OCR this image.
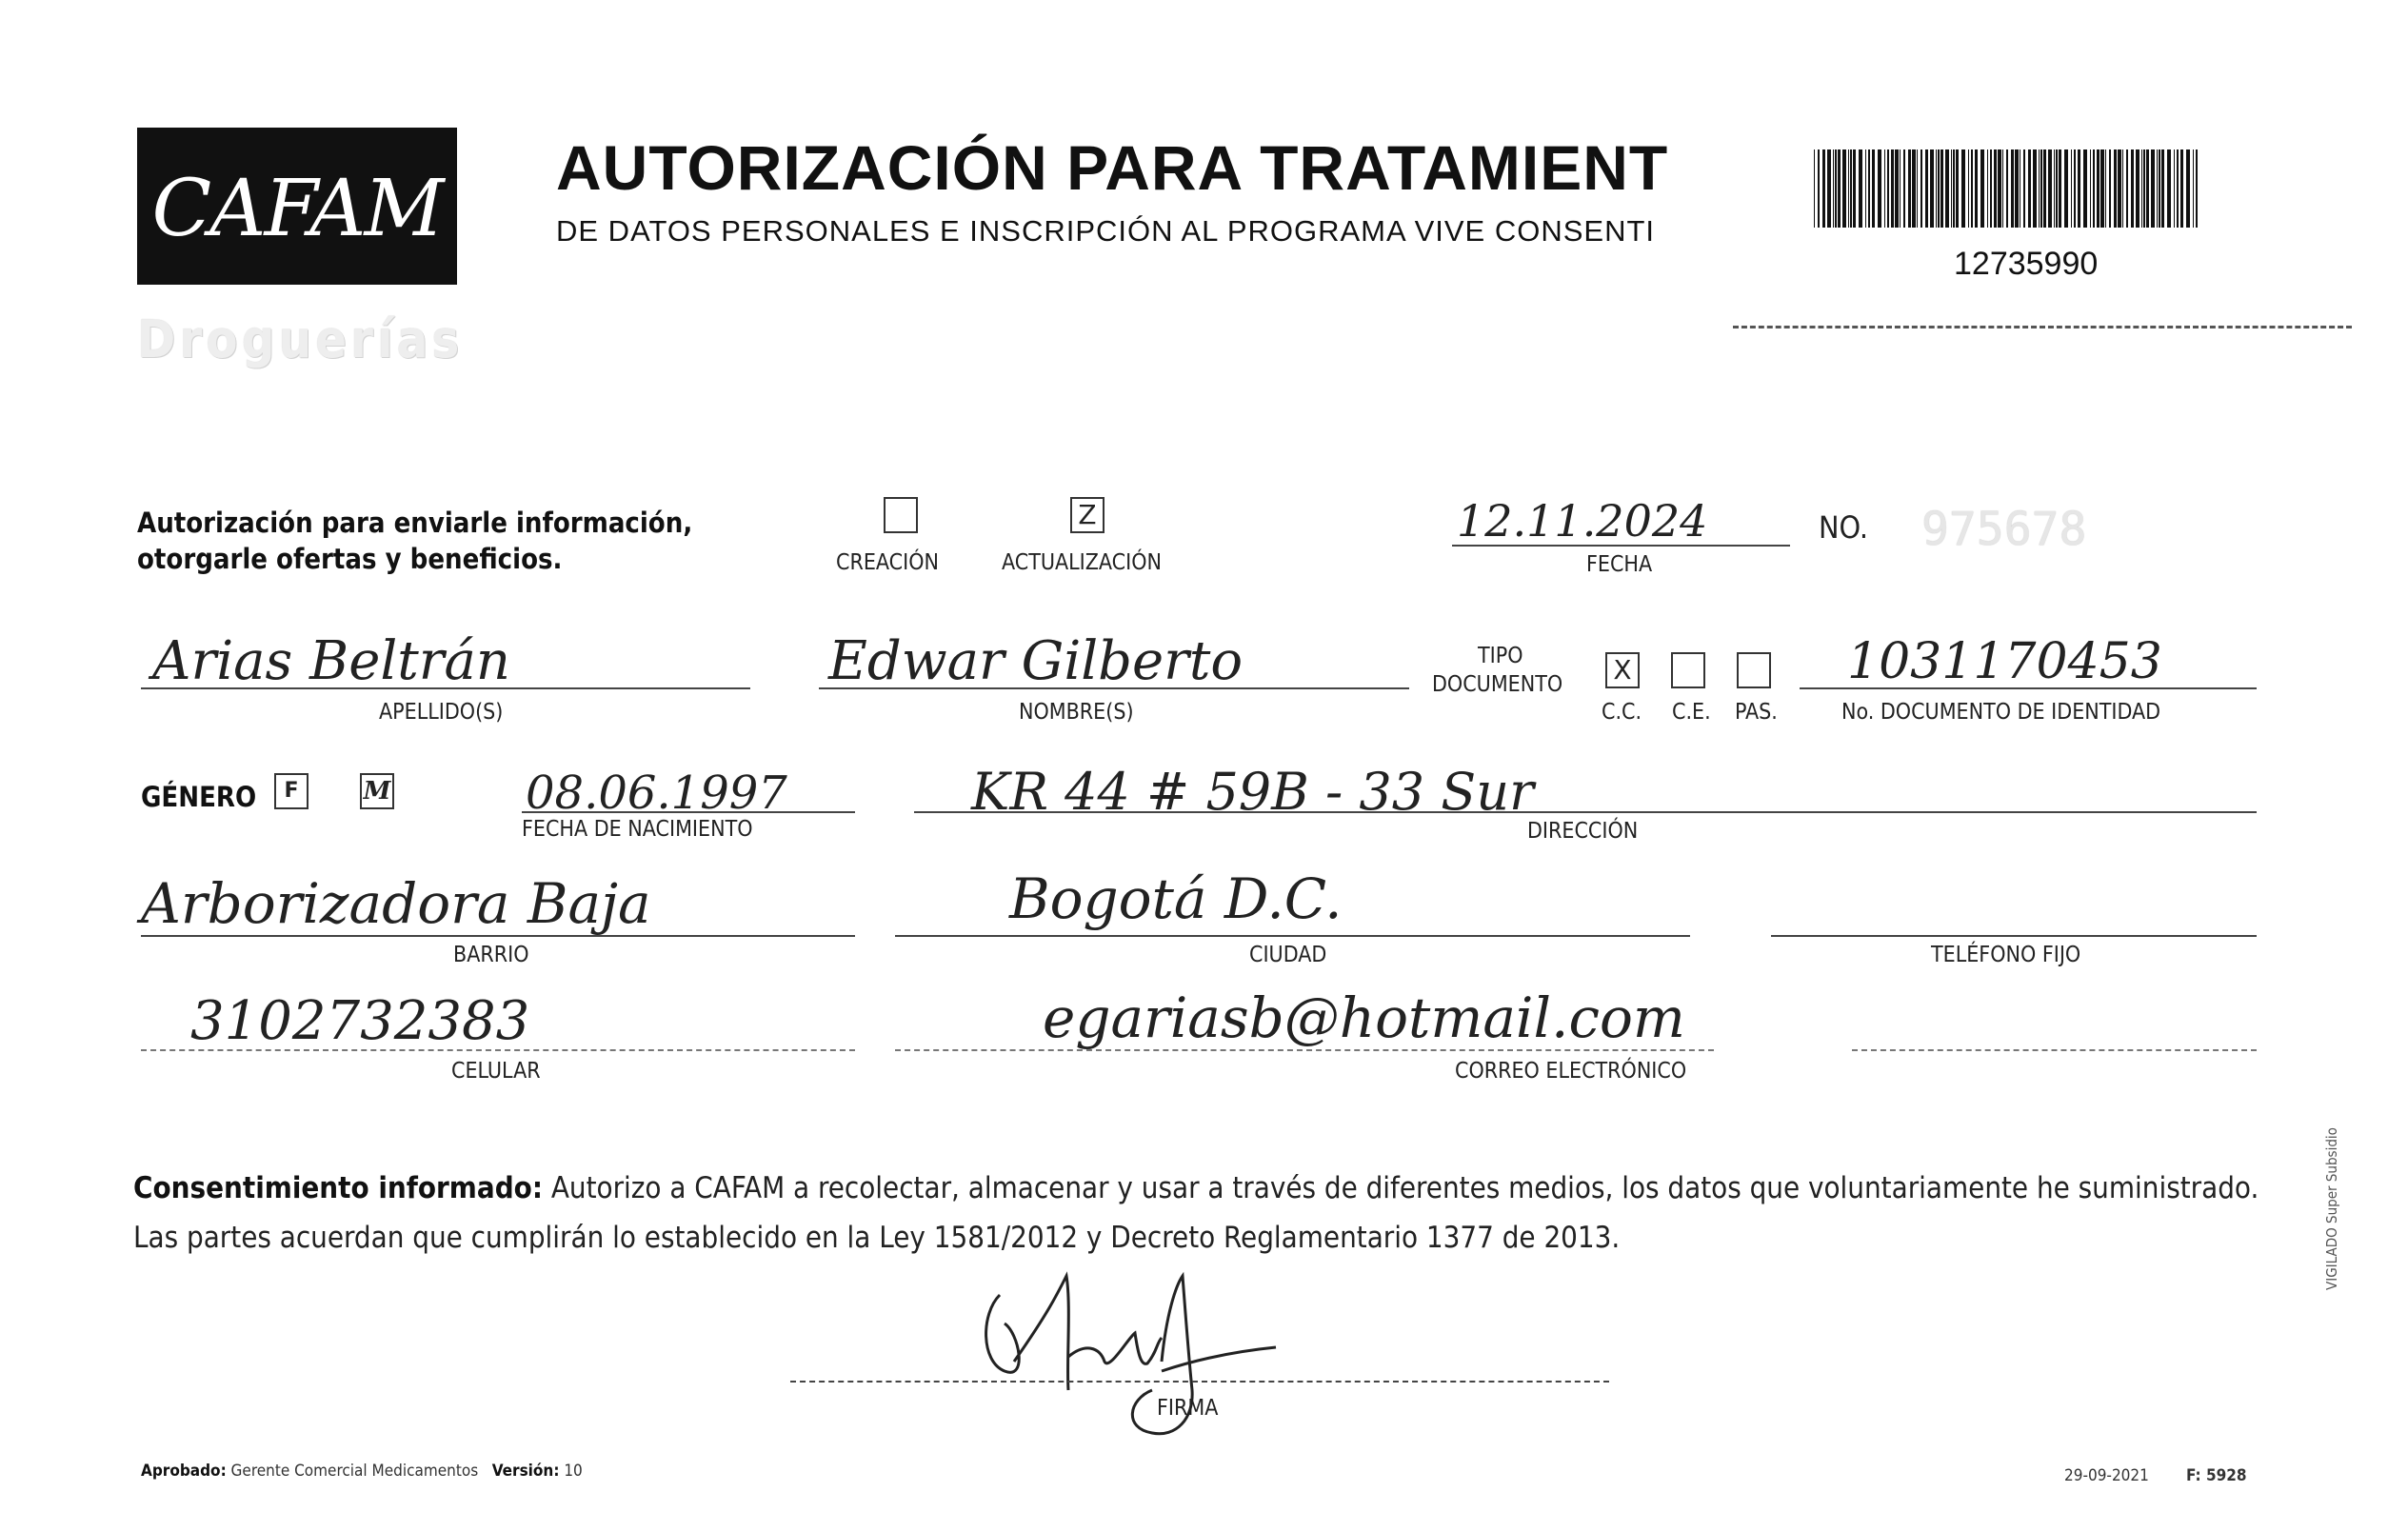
CAFAM
Droguerías
AUTORIZACIÓN PARA TRATAMIENT
DE DATOS PERSONALES E INSCRIPCIÓN AL PROGRAMA VIVE CONSENTI
12735990
Autorización para enviarle información,
otorgarle ofertas y beneficios.	CREACIÓN
Z
ACTUALIZACIÓN
12.11.2024
FECHA
NO. 975678
Arias Beltrán
APELLIDO(S)
Edwar Gilberto
NOMBRE(S)
TIPO
DOCUMENTO	X
C.C. C.E. PAS.
1031170453
No. DOCUMENTO DE IDENTIDAD
GÉNERO	F	M	08.06.1997
FECHA DE NACIMIENTO
KR 44 # 59B - 33 Sur
DIRECCIÓN
Arborizadora Baja
BARRIO
Bogotá D.C.
CIUDAD	TELÉFONO FIJO
3102732383
CELULAR
egariasb@hotmail.com
CORREO ELECTRÓNICO
Consentimiento informado: Autorizo a CAFAM a recolectar, almacenar y usar a través de diferentes medios, los datos que voluntariamente he suministrado.
Las partes acuerdan que cumplirán lo establecido en la Ley 1581/2012 y Decreto Reglamentario 1377 de 2013.
FIRMA
Aprobado: Gerente Comercial Medicamentos Versión: 10	29-09-2021 F: 5928
VIGILADO Super Subsidio
